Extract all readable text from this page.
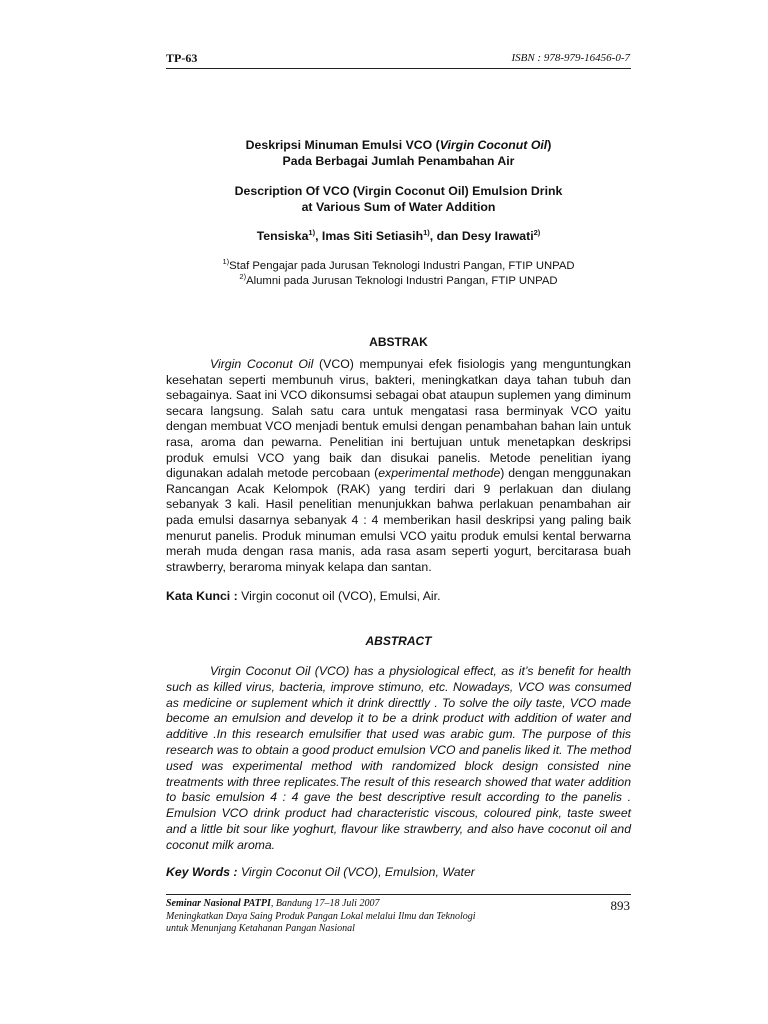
TP-63	ISBN : 978-979-16456-0-7
Deskripsi Minuman Emulsi VCO (Virgin Coconut Oil)
Pada Berbagai Jumlah Penambahan Air
Description Of VCO (Virgin Coconut Oil) Emulsion Drink
at Various Sum of Water Addition
Tensiska$^{1)}$, Imas Siti Setiasih$^{1)}$, dan Desy Irawati$^{2)}$
$^{1)}$Staf Pengajar pada Jurusan Teknologi Industri Pangan, FTIP UNPAD
$^{2)}$Alumni pada Jurusan Teknologi Industri Pangan, FTIP UNPAD
ABSTRAK
Virgin Coconut Oil (VCO) mempunyai efek fisiologis yang menguntungkan kesehatan seperti membunuh virus, bakteri, meningkatkan daya tahan tubuh dan sebagainya. Saat ini VCO dikonsumsi sebagai obat ataupun suplemen yang diminum secara langsung. Salah satu cara untuk mengatasi rasa berminyak VCO yaitu dengan membuat VCO menjadi bentuk emulsi dengan penambahan bahan lain untuk rasa, aroma dan pewarna. Penelitian ini bertujuan untuk menetapkan deskripsi produk emulsi VCO yang baik dan disukai panelis. Metode penelitian iyang digunakan adalah metode percobaan (experimental methode) dengan menggunakan Rancangan Acak Kelompok (RAK) yang terdiri dari 9 perlakuan dan diulang sebanyak 3 kali. Hasil penelitian menunjukkan bahwa perlakuan penambahan air pada emulsi dasarnya sebanyak 4 : 4 memberikan hasil deskripsi yang paling baik menurut panelis. Produk minuman emulsi VCO yaitu produk emulsi kental berwarna merah muda dengan rasa manis, ada rasa asam seperti yogurt, bercitarasa buah strawberry, beraroma minyak kelapa dan santan.
Kata Kunci : Virgin coconut oil (VCO), Emulsi, Air.
ABSTRACT
Virgin Coconut Oil (VCO) has a physiological effect, as it’s benefit for health such as killed virus, bacteria, improve stimuno, etc. Nowadays, VCO was consumed as medicine or suplement which it drink directtly . To solve the oily taste, VCO made become an emulsion and develop it to be a drink product with addition of water and additive .In this research emulsifier that used was arabic gum. The purpose of this research was to obtain a good product emulsion VCO and panelis liked it. The method used was experimental method with randomized block design consisted nine treatments with three replicates.The result of this research showed that water addition to basic emulsion 4 : 4 gave the best descriptive result according to the panelis . Emulsion VCO drink product had characteristic viscous, coloured pink, taste sweet and a little bit sour like yoghurt, flavour like strawberry, and also have coconut oil and coconut milk aroma.
Key Words : Virgin Coconut Oil (VCO), Emulsion, Water
Seminar Nasional PATPI, Bandung 17–18 Juli 2007
Meningkatkan Daya Saing Produk Pangan Lokal melalui Ilmu dan Teknologi
untuk Menunjang Ketahanan Pangan Nasional
893
